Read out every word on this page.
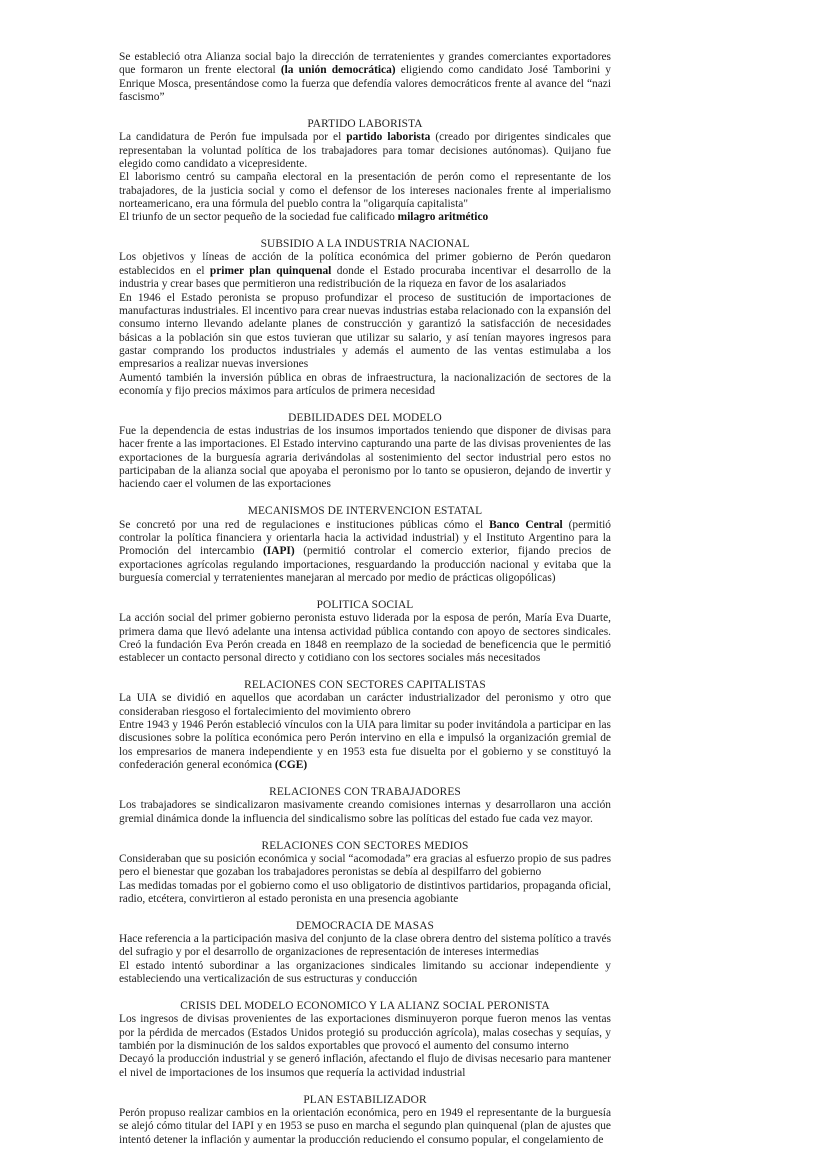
Se estableció otra Alianza social bajo la dirección de terratenientes y grandes comerciantes exportadores que formaron un frente electoral (la unión democrática) eligiendo como candidato José Tamborini y Enrique Mosca, presentándose como la fuerza que defendía valores democráticos frente al avance del “nazi fascismo”

PARTIDO LABORISTA

La candidatura de Perón fue impulsada por el partido laborista (creado por dirigentes sindicales que representaban la voluntad política de los trabajadores para tomar decisiones autónomas). Quijano fue elegido como candidato a vicepresidente.

El laborismo centró su campaña electoral en la presentación de perón como el representante de los trabajadores, de la justicia social y como el defensor de los intereses nacionales frente al imperialismo norteamericano, era una fórmula del pueblo contra la "oligarquía capitalista"

El triunfo de un sector pequeño de la sociedad fue calificado milagro aritmético

SUBSIDIO A LA INDUSTRIA NACIONAL

Los objetivos y líneas de acción de la política económica del primer gobierno de Perón quedaron establecidos en el primer plan quinquenal donde el Estado procuraba incentivar el desarrollo de la industria y crear bases que permitieron una redistribución de la riqueza en favor de los asalariados

En 1946 el Estado peronista se propuso profundizar el proceso de sustitución de importaciones de manufacturas industriales. El incentivo para crear nuevas industrias estaba relacionado con la expansión del consumo interno llevando adelante planes de construcción y garantizó la satisfacción de necesidades básicas a la población sin que estos tuvieran que utilizar su salario, y así tenían mayores ingresos para gastar comprando los productos industriales y además el aumento de las ventas estimulaba a los empresarios a realizar nuevas inversiones

Aumentó también la inversión pública en obras de infraestructura, la nacionalización de sectores de la economía y fijo precios máximos para artículos de primera necesidad

DEBILIDADES DEL MODELO

Fue la dependencia de estas industrias de los insumos importados teniendo que disponer de divisas para hacer frente a las importaciones. El Estado intervino capturando una parte de las divisas provenientes de las exportaciones de la burguesía agraria derivándolas al sostenimiento del sector industrial pero estos no participaban de la alianza social que apoyaba el peronismo por lo tanto se opusieron, dejando de invertir y haciendo caer el volumen de las exportaciones

MECANISMOS DE INTERVENCION ESTATAL

Se concretó por una red de regulaciones e instituciones públicas cómo el Banco Central (permitió controlar la política financiera y orientarla hacia la actividad industrial) y el Instituto Argentino para la Promoción del intercambio (IAPI) (permitió controlar el comercio exterior, fijando precios de exportaciones agrícolas regulando importaciones, resguardando la producción nacional y evitaba que la burguesía comercial y terratenientes manejaran al mercado por medio de prácticas oligopólicas)

POLITICA SOCIAL

La acción social del primer gobierno peronista estuvo liderada por la esposa de perón, María Eva Duarte, primera dama que llevó adelante una intensa actividad pública contando con apoyo de sectores sindicales. Creó la fundación Eva Perón creada en 1848 en reemplazo de la sociedad de beneficencia que le permitió establecer un contacto personal directo y cotidiano con los sectores sociales más necesitados

RELACIONES CON SECTORES CAPITALISTAS

La UIA se dividió en aquellos que acordaban un carácter industrializador del peronismo y otro que consideraban riesgoso el fortalecimiento del movimiento obrero

Entre 1943 y 1946 Perón estableció vínculos con la UIA para limitar su poder invitándola a participar en las discusiones sobre la política económica pero Perón intervino en ella e impulsó la organización gremial de los empresarios de manera independiente y en 1953 esta fue disuelta por el gobierno y se constituyó la confederación general económica (CGE)

RELACIONES CON TRABAJADORES

Los trabajadores se sindicalizaron masivamente creando comisiones internas y desarrollaron una acción gremial dinámica donde la influencia del sindicalismo sobre las políticas del estado fue cada vez mayor.

RELACIONES CON SECTORES MEDIOS

Consideraban que su posición económica y social “acomodada” era gracias al esfuerzo propio de sus padres pero el bienestar que gozaban los trabajadores peronistas se debía al despilfarro del gobierno

Las medidas tomadas por el gobierno como el uso obligatorio de distintivos partidarios, propaganda oficial, radio, etcétera, convirtieron al estado peronista en una presencia agobiante

DEMOCRACIA DE MASAS

Hace referencia a la participación masiva del conjunto de la clase obrera dentro del sistema político a través del sufragio y por el desarrollo de organizaciones de representación de intereses intermedias

El estado intentó subordinar a las organizaciones sindicales limitando su accionar independiente y estableciendo una verticalización de sus estructuras y conducción

CRISIS DEL MODELO ECONOMICO Y LA ALIANZ SOCIAL PERONISTA

Los ingresos de divisas provenientes de las exportaciones disminuyeron porque fueron menos las ventas por la pérdida de mercados (Estados Unidos protegió su producción agrícola), malas cosechas y sequías, y también por la disminución de los saldos exportables que provocó el aumento del consumo interno

Decayó la producción industrial y se generó inflación, afectando el flujo de divisas necesario para mantener el nivel de importaciones de los insumos que requería la actividad industrial

PLAN ESTABILIZADOR

Perón propuso realizar cambios en la orientación económica, pero en 1949 el representante de la burguesía se alejó cómo titular del IAPI y en 1953 se puso en marcha el segundo plan quinquenal (plan de ajustes que intentó detener la inflación y aumentar la producción reduciendo el consumo popular, el congelamiento de
